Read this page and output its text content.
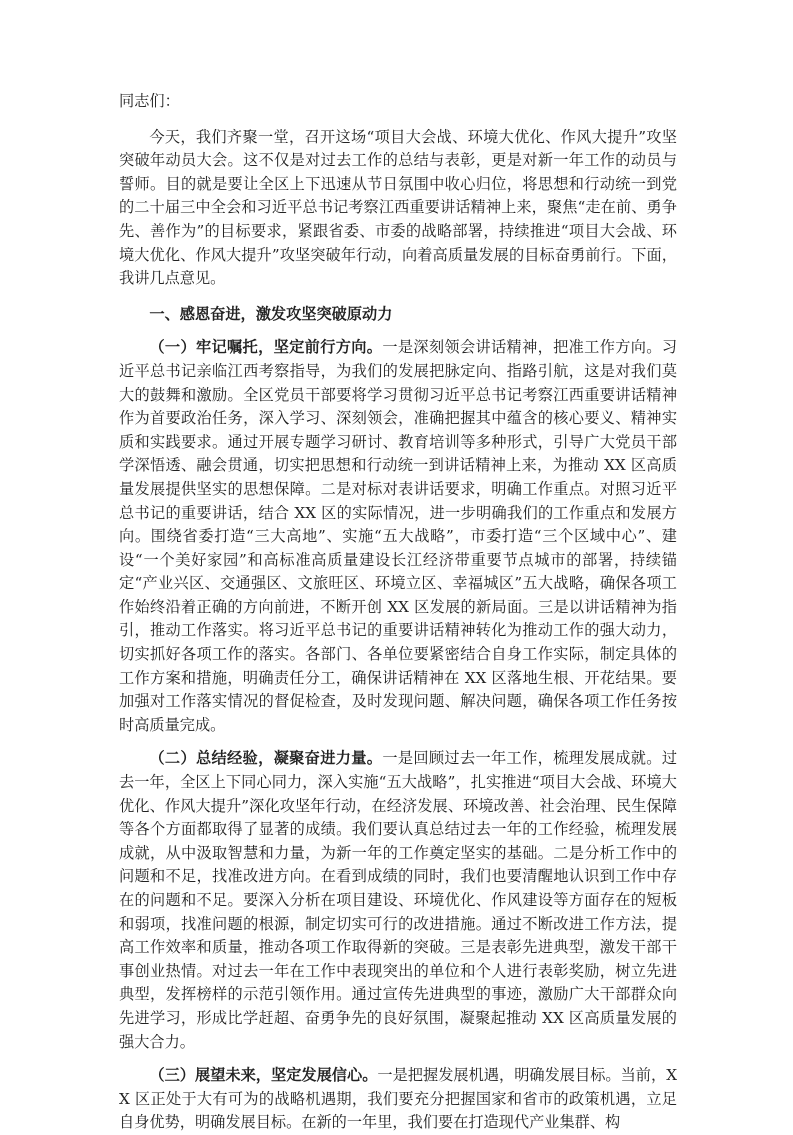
同志们：

今天，我们齐聚一堂，召开这场“项目大会战、环境大优化、作风大提升”攻坚突破年动员大会。这不仅是对过去工作的总结与表彰，更是对新一年工作的动员与誓师。目的就是要让全区上下迅速从节日氛围中收心归位，将思想和行动统一到党的二十届三中全会和习近平总书记考察江西重要讲话精神上来，聚焦“走在前、勇争先、善作为”的目标要求，紧跟省委、市委的战略部署，持续推进“项目大会战、环境大优化、作风大提升”攻坚突破年行动，向着高质量发展的目标奋勇前行。下面，我讲几点意见。

一、感恩奋进，激发攻坚突破原动力

（一）牢记嘱托，坚定前行方向。一是深刻领会讲话精神，把准工作方向。习近平总书记亲临江西考察指导，为我们的发展把脉定向、指路引航，这是对我们莫大的鼓舞和激励。全区党员干部要将学习贯彻习近平总书记考察江西重要讲话精神作为首要政治任务，深入学习、深刻领会，准确把握其中蕴含的核心要义、精神实质和实践要求。通过开展专题学习研讨、教育培训等多种形式，引导广大党员干部学深悟透、融会贯通，切实把思想和行动统一到讲话精神上来，为推动 XX 区高质量发展提供坚实的思想保障。二是对标对表讲话要求，明确工作重点。对照习近平总书记的重要讲话，结合 XX 区的实际情况，进一步明确我们的工作重点和发展方向。围绕省委打造“三大高地”、实施“五大战略”，市委打造“三个区域中心”、建设“一个美好家园”和高标准高质量建设长江经济带重要节点城市的部署，持续锚定“产业兴区、交通强区、文旅旺区、环境立区、幸福城区”五大战略，确保各项工作始终沿着正确的方向前进，不断开创 XX 区发展的新局面。三是以讲话精神为指引，推动工作落实。将习近平总书记的重要讲话精神转化为推动工作的强大动力，切实抓好各项工作的落实。各部门、各单位要紧密结合自身工作实际，制定具体的工作方案和措施，明确责任分工，确保讲话精神在 XX 区落地生根、开花结果。要加强对工作落实情况的督促检查，及时发现问题、解决问题，确保各项工作任务按时高质量完成。

（二）总结经验，凝聚奋进力量。一是回顾过去一年工作，梳理发展成就。过去一年，全区上下同心同力，深入实施“五大战略”，扎实推进“项目大会战、环境大优化、作风大提升”深化攻坚年行动，在经济发展、环境改善、社会治理、民生保障等各个方面都取得了显著的成绩。我们要认真总结过去一年的工作经验，梳理发展成就，从中汲取智慧和力量，为新一年的工作奠定坚实的基础。二是分析工作中的问题和不足，找准改进方向。在看到成绩的同时，我们也要清醒地认识到工作中存在的问题和不足。要深入分析在项目建设、环境优化、作风建设等方面存在的短板和弱项，找准问题的根源，制定切实可行的改进措施。通过不断改进工作方法，提高工作效率和质量，推动各项工作取得新的突破。三是表彰先进典型，激发干部干事创业热情。对过去一年在工作中表现突出的单位和个人进行表彰奖励，树立先进典型，发挥榜样的示范引领作用。通过宣传先进典型的事迹，激励广大干部群众向先进学习，形成比学赶超、奋勇争先的良好氛围，凝聚起推动 XX 区高质量发展的强大合力。

（三）展望未来，坚定发展信心。一是把握发展机遇，明确发展目标。当前，XX 区正处于大有可为的战略机遇期，我们要充分把握国家和省市的政策机遇，立足自身优势，明确发展目标。在新的一年里，我们要在打造现代产业集群、构
